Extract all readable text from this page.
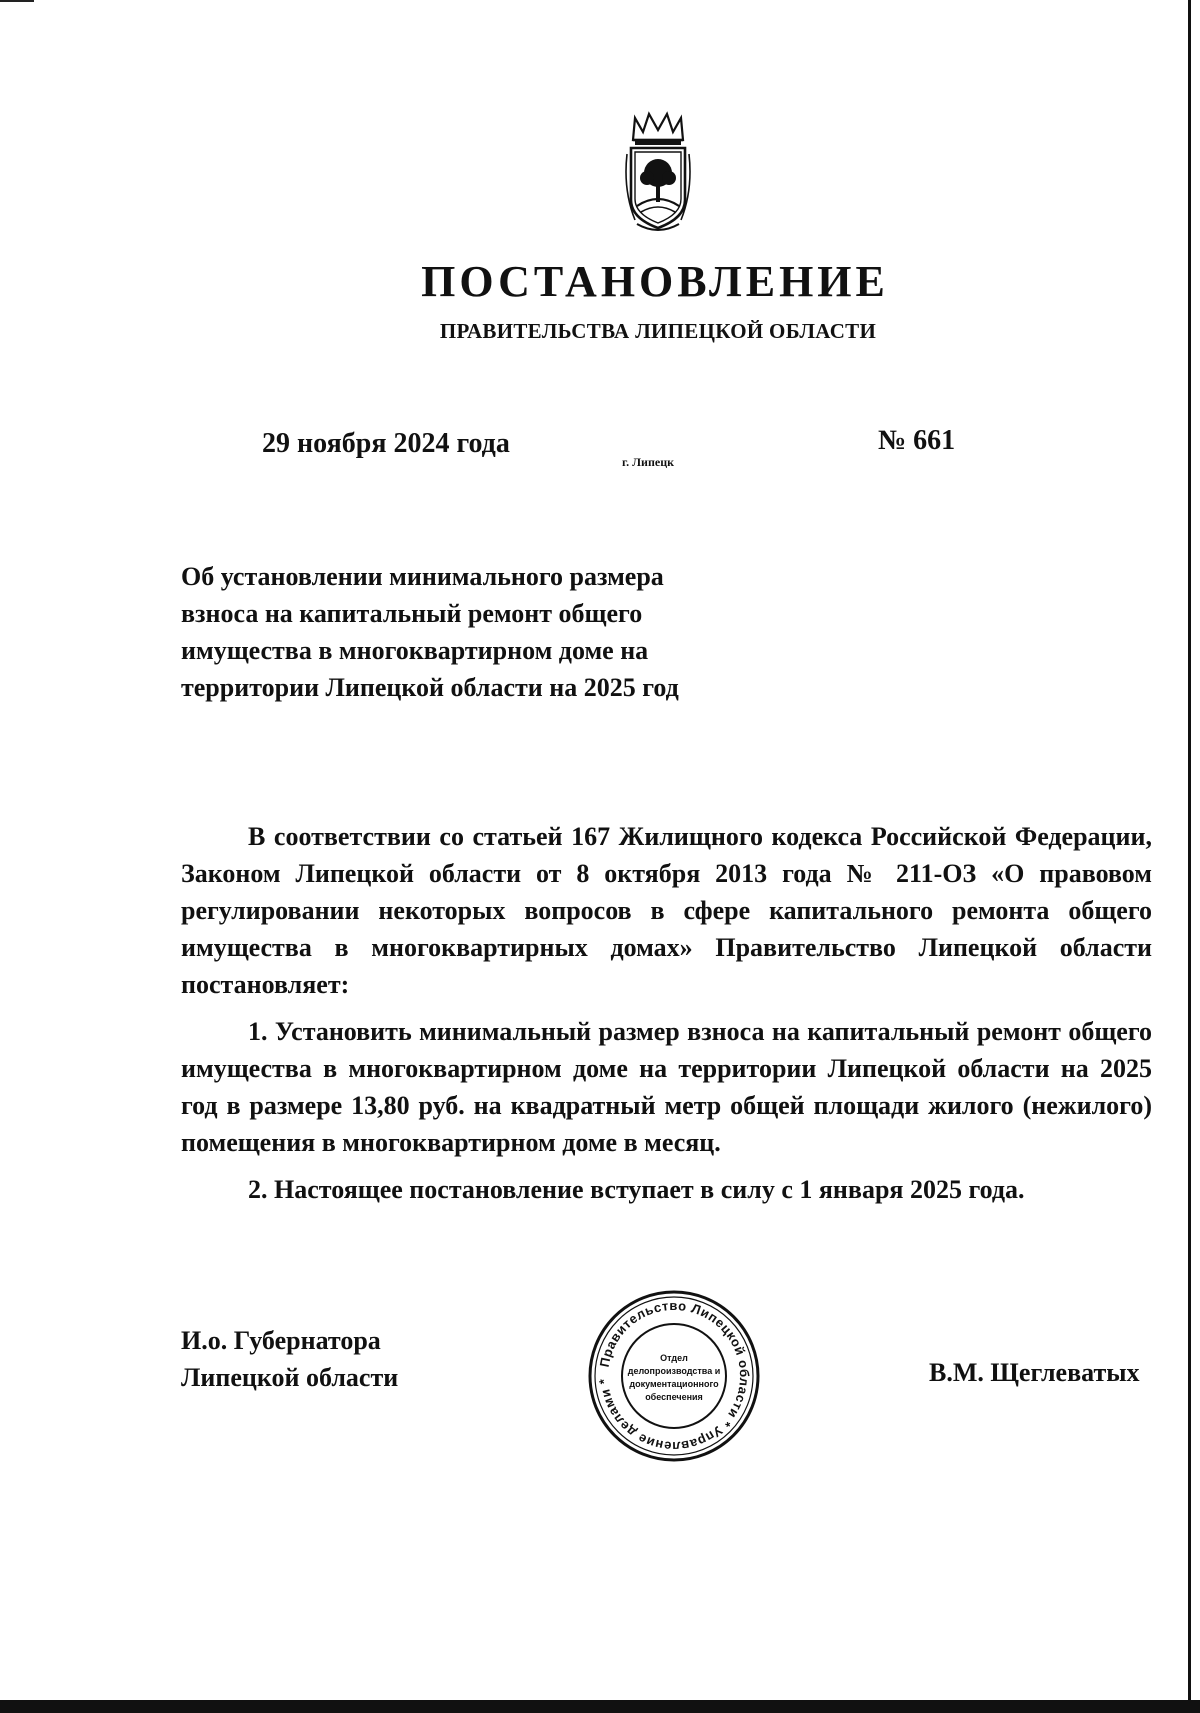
ПОСТАНОВЛЕНИЕ
ПРАВИТЕЛЬСТВА ЛИПЕЦКОЙ ОБЛАСТИ
29 ноября 2024 года
г. Липецк
№ 661
Об установлении минимального размера
взноса на капитальный ремонт общего
имущества в многоквартирном доме на
территории Липецкой области на 2025 год

В соответствии со статьей 167 Жилищного кодекса Российской Федерации, Законом Липецкой области от 8 октября 2013 года № 211-ОЗ «О правовом регулировании некоторых вопросов в сфере капитального ремонта общего имущества в многоквартирных домах» Правительство Липецкой области постановляет:

1. Установить минимальный размер взноса на капитальный ремонт общего имущества в многоквартирном доме на территории Липецкой области на 2025 год в размере 13,80 руб. на квадратный метр общей площади жилого (нежилого) помещения в многоквартирном доме в месяц.

2. Настоящее постановление вступает в силу с 1 января 2025 года.

И.о. Губернатора
Липецкой области
Правительство Липецкой области * Управление делами *
Отдел
делопроизводства и
документационного
обеспечения
В.М. Щеглеватых
